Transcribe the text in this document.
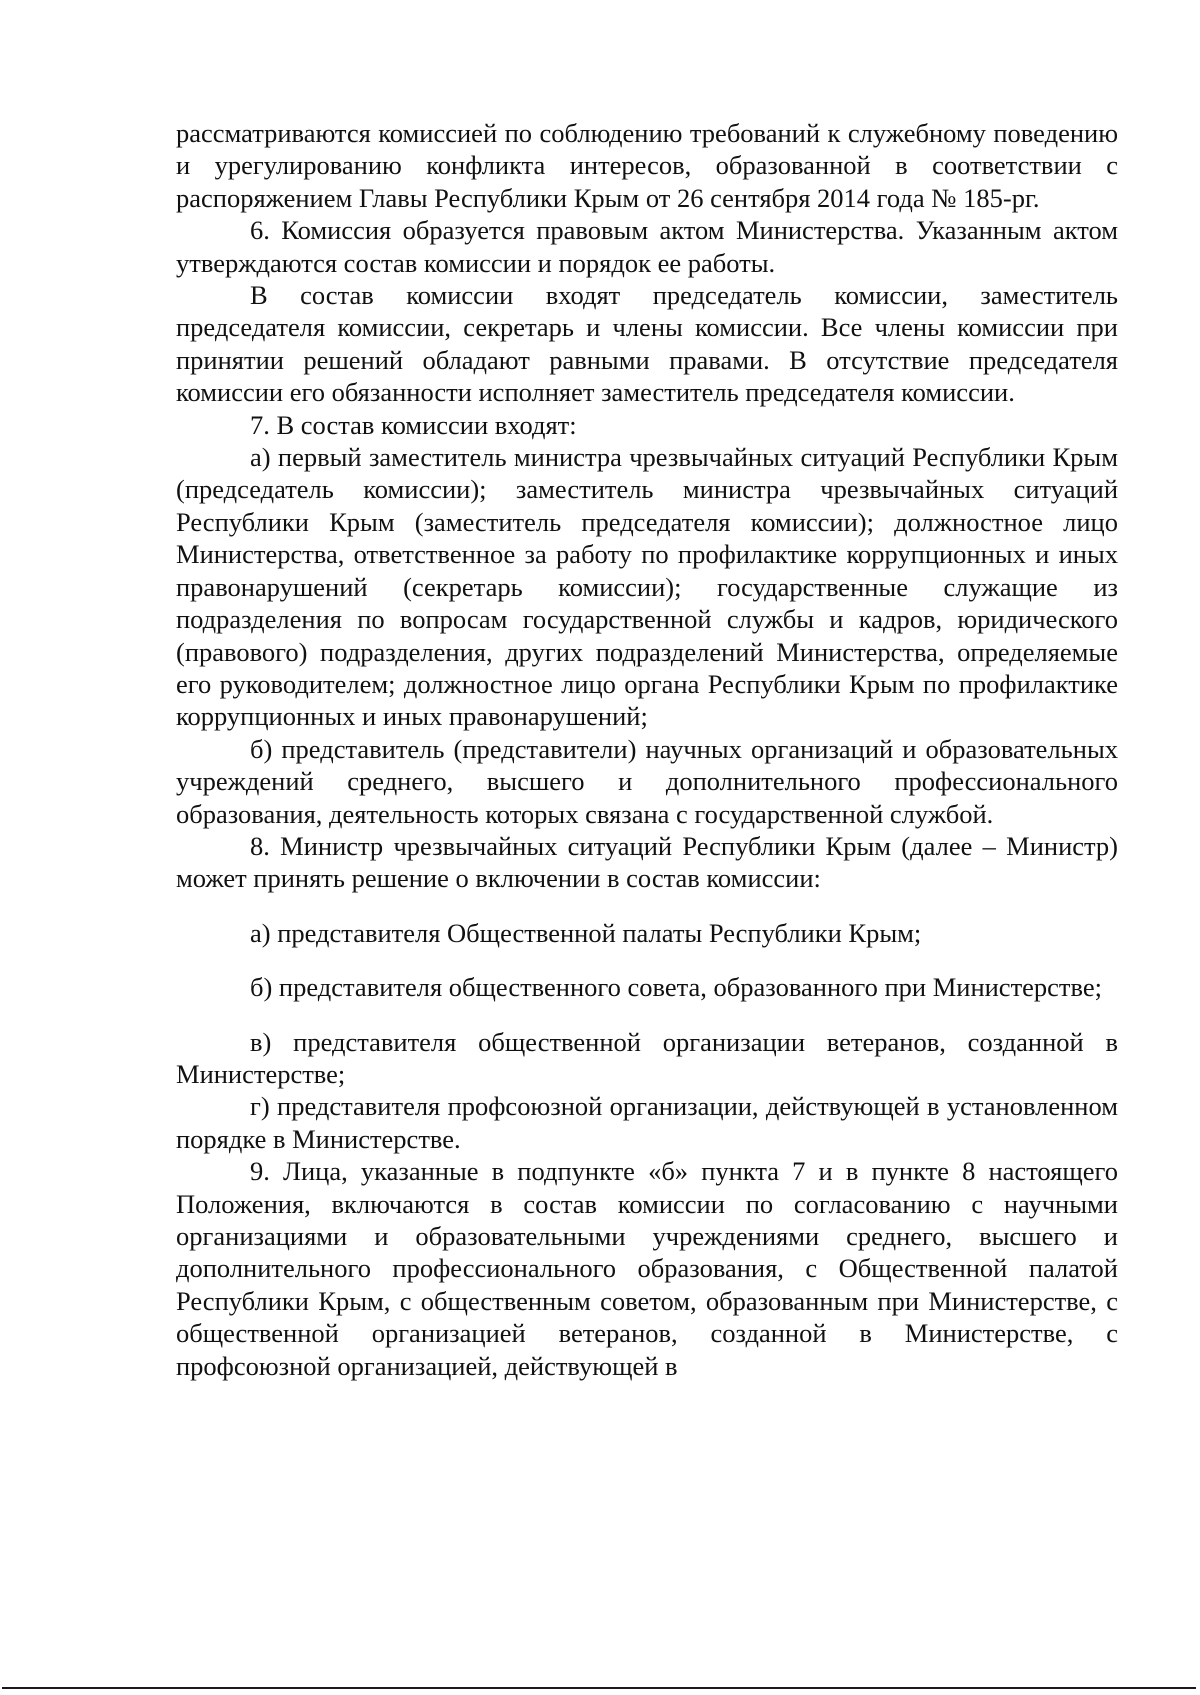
рассматриваются комиссией по соблюдению требований к служебному поведению и урегулированию конфликта интересов, образованной в соответствии с распоряжением Главы Республики Крым от 26 сентября 2014 года № 185-рг.

6. Комиссия образуется правовым актом Министерства. Указанным актом утверждаются состав комиссии и порядок ее работы.

В состав комиссии входят председатель комиссии, заместитель председателя комиссии, секретарь и члены комиссии. Все члены комиссии при принятии решений обладают равными правами. В отсутствие председателя комиссии его обязанности исполняет заместитель председателя комиссии.

7. В состав комиссии входят:

а) первый заместитель министра чрезвычайных ситуаций Республики Крым (председатель комиссии); заместитель министра чрезвычайных ситуаций Республики Крым (заместитель председателя комиссии); должностное лицо Министерства, ответственное за работу по профилактике коррупционных и иных правонарушений (секретарь комиссии); государственные служащие из подразделения по вопросам государственной службы и кадров, юридического (правового) подразделения, других подразделений Министерства, определяемые его руководителем; должностное лицо органа Республики Крым по профилактике коррупционных и иных правонарушений;

б) представитель (представители) научных организаций и образовательных учреждений среднего, высшего и дополнительного профессионального образования, деятельность которых связана с государственной службой.

8. Министр чрезвычайных ситуаций Республики Крым (далее – Министр) может принять решение о включении в состав комиссии:

а) представителя Общественной палаты Республики Крым;

б) представителя общественного совета, образованного при Министерстве;

в) представителя общественной организации ветеранов, созданной в Министерстве;

г) представителя профсоюзной организации, действующей в установленном порядке в Министерстве.

9. Лица, указанные в подпункте «б» пункта 7 и в пункте 8 настоящего Положения, включаются в состав комиссии по согласованию с научными организациями и образовательными учреждениями среднего, высшего и дополнительного профессионального образования, с Общественной палатой Республики Крым, с общественным советом, образованным при Министерстве, с общественной организацией ветеранов, созданной в Министерстве, с профсоюзной организацией, действующей в
